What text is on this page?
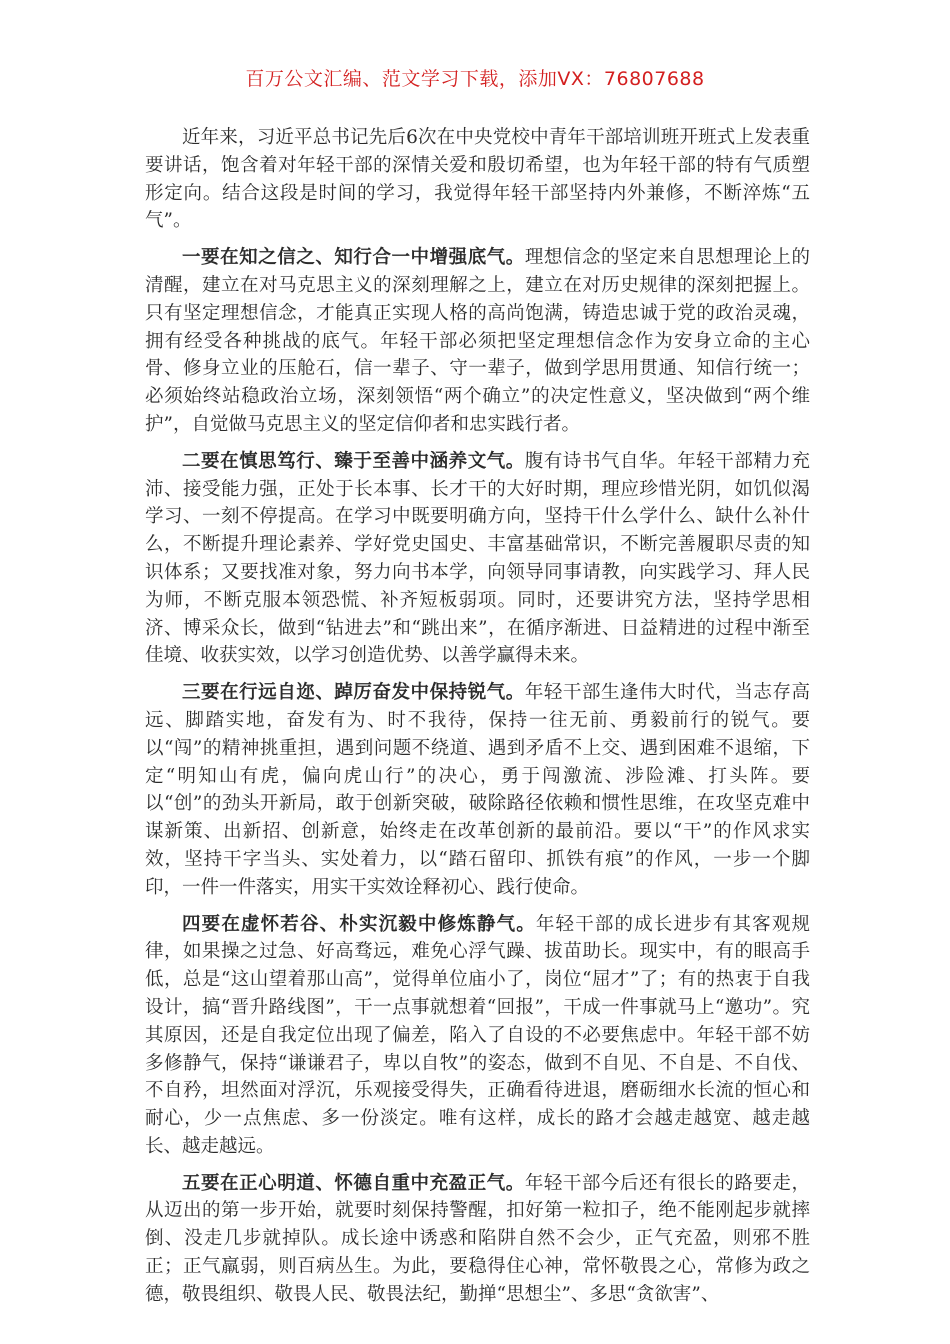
百万公文汇编、范文学习下载，添加VX：76807688

近年来，习近平总书记先后6次在中央党校中青年干部培训班开班式上发表重要讲话，饱含着对年轻干部的深情关爱和殷切希望，也为年轻干部的特有气质塑形定向。结合这段是时间的学习，我觉得年轻干部坚持内外兼修，不断淬炼“五气”。

一要在知之信之、知行合一中增强底气。理想信念的坚定来自思想理论上的清醒，建立在对马克思主义的深刻理解之上，建立在对历史规律的深刻把握上。只有坚定理想信念，才能真正实现人格的高尚饱满，铸造忠诚于党的政治灵魂，拥有经受各种挑战的底气。年轻干部必须把坚定理想信念作为安身立命的主心骨、修身立业的压舱石，信一辈子、守一辈子，做到学思用贯通、知信行统一；必须始终站稳政治立场，深刻领悟“两个确立”的决定性意义，坚决做到“两个维护”，自觉做马克思主义的坚定信仰者和忠实践行者。

二要在慎思笃行、臻于至善中涵养文气。腹有诗书气自华。年轻干部精力充沛、接受能力强，正处于长本事、长才干的大好时期，理应珍惜光阴，如饥似渴学习、一刻不停提高。在学习中既要明确方向，坚持干什么学什么、缺什么补什么，不断提升理论素养、学好党史国史、丰富基础常识，不断完善履职尽责的知识体系；又要找准对象，努力向书本学，向领导同事请教，向实践学习、拜人民为师，不断克服本领恐慌、补齐短板弱项。同时，还要讲究方法，坚持学思相济、博采众长，做到“钻进去”和“跳出来”，在循序渐进、日益精进的过程中渐至佳境、收获实效，以学习创造优势、以善学赢得未来。

三要在行远自迩、踔厉奋发中保持锐气。年轻干部生逢伟大时代，当志存高远、脚踏实地，奋发有为、时不我待，保持一往无前、勇毅前行的锐气。要以“闯”的精神挑重担，遇到问题不绕道、遇到矛盾不上交、遇到困难不退缩，下定“明知山有虎，偏向虎山行”的决心，勇于闯激流、涉险滩、打头阵。要以“创”的劲头开新局，敢于创新突破，破除路径依赖和惯性思维，在攻坚克难中谋新策、出新招、创新意，始终走在改革创新的最前沿。要以“干”的作风求实效，坚持干字当头、实处着力，以“踏石留印、抓铁有痕”的作风，一步一个脚印，一件一件落实，用实干实效诠释初心、践行使命。

四要在虚怀若谷、朴实沉毅中修炼静气。年轻干部的成长进步有其客观规律，如果操之过急、好高骛远，难免心浮气躁、拔苗助长。现实中，有的眼高手低，总是“这山望着那山高”，觉得单位庙小了，岗位“屈才”了；有的热衷于自我设计，搞“晋升路线图”，干一点事就想着“回报”，干成一件事就马上“邀功”。究其原因，还是自我定位出现了偏差，陷入了自设的不必要焦虑中。年轻干部不妨多修静气，保持“谦谦君子，卑以自牧”的姿态，做到不自见、不自是、不自伐、不自矜，坦然面对浮沉，乐观接受得失，正确看待进退，磨砺细水长流的恒心和耐心，少一点焦虑、多一份淡定。唯有这样，成长的路才会越走越宽、越走越长、越走越远。

五要在正心明道、怀德自重中充盈正气。年轻干部今后还有很长的路要走，从迈出的第一步开始，就要时刻保持警醒，扣好第一粒扣子，绝不能刚起步就摔倒、没走几步就掉队。成长途中诱惑和陷阱自然不会少，正气充盈，则邪不胜正；正气羸弱，则百病丛生。为此，要稳得住心神，常怀敬畏之心，常修为政之德，敬畏组织、敬畏人民、敬畏法纪，勤掸“思想尘”、多思“贪欲害”、
